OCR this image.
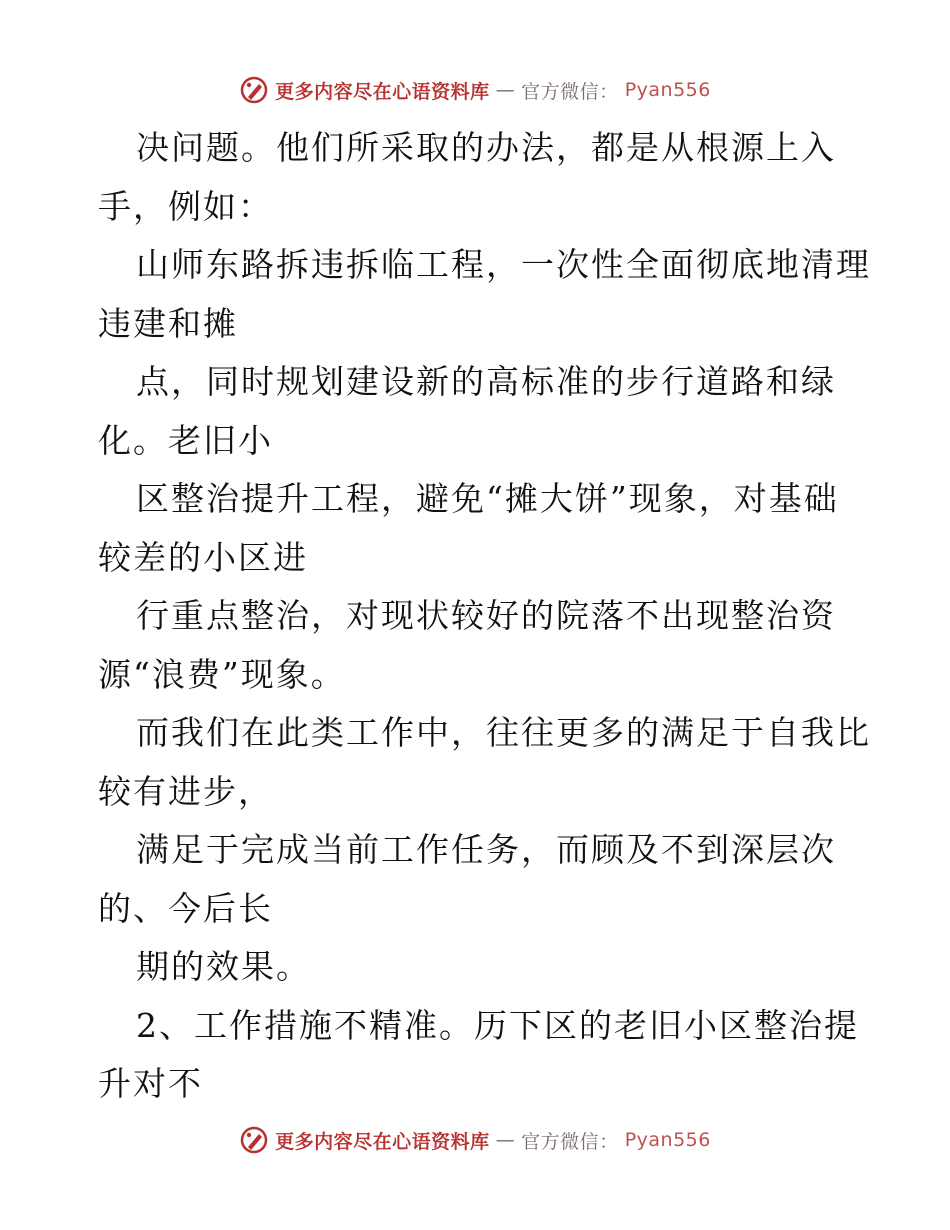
更多内容尽在心语资料库 — 官方微信： Pyan556
决问题。他们所采取的办法，都是从根源上入
手，例如：
山师东路拆违拆临工程，一次性全面彻底地清理
违建和摊
点，同时规划建设新的高标准的步行道路和绿
化。老旧小
区整治提升工程，避免“摊大饼”现象，对基础
较差的小区进
行重点整治，对现状较好的院落不出现整治资
源“浪费”现象。
而我们在此类工作中，往往更多的满足于自我比
较有进步，
满足于完成当前工作任务，而顾及不到深层次
的、今后长
期的效果。
2、工作措施不精准。历下区的老旧小区整治提
升对不
更多内容尽在心语资料库 — 官方微信： Pyan556
